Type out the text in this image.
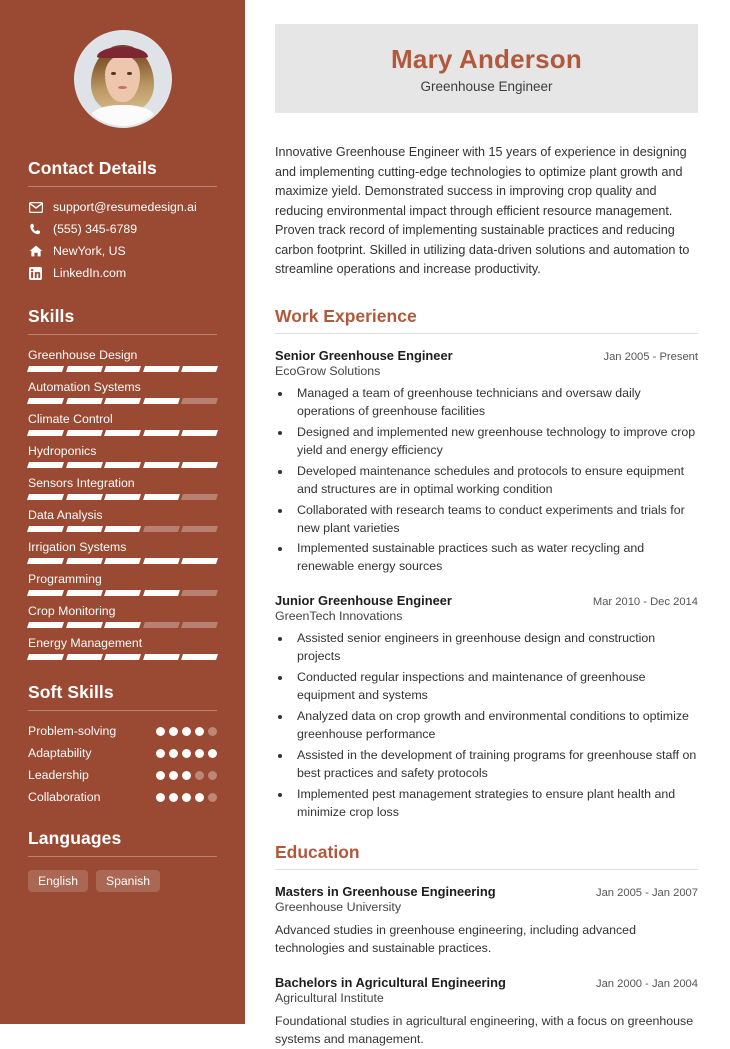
Contact Details
support@resumedesign.ai
(555) 345-6789
NewYork, US
LinkedIn.com
Skills
Greenhouse Design
Automation Systems
Climate Control
Hydroponics
Sensors Integration
Data Analysis
Irrigation Systems
Programming
Crop Monitoring
Energy Management
Soft Skills
Problem-solving
Adaptability
Leadership
Collaboration
Languages
English	Spanish
Mary Anderson
Greenhouse Engineer

Innovative Greenhouse Engineer with 15 years of experience in designing and implementing cutting-edge technologies to optimize plant growth and maximize yield. Demonstrated success in improving crop quality and reducing environmental impact through efficient resource management. Proven track record of implementing sustainable practices and reducing carbon footprint. Skilled in utilizing data-driven solutions and automation to streamline operations and increase productivity.

Work Experience
Senior Greenhouse Engineer	Jan 2005 - Present
EcoGrow Solutions
• Managed a team of greenhouse technicians and oversaw daily operations of greenhouse facilities
• Designed and implemented new greenhouse technology to improve crop yield and energy efficiency
• Developed maintenance schedules and protocols to ensure equipment and structures are in optimal working condition
• Collaborated with research teams to conduct experiments and trials for new plant varieties
• Implemented sustainable practices such as water recycling and renewable energy sources
Junior Greenhouse Engineer	Mar 2010 - Dec 2014
GreenTech Innovations
• Assisted senior engineers in greenhouse design and construction projects
• Conducted regular inspections and maintenance of greenhouse equipment and systems
• Analyzed data on crop growth and environmental conditions to optimize greenhouse performance
• Assisted in the development of training programs for greenhouse staff on best practices and safety protocols
• Implemented pest management strategies to ensure plant health and minimize crop loss
Education
Masters in Greenhouse Engineering	Jan 2005 - Jan 2007
Greenhouse University
Advanced studies in greenhouse engineering, including advanced technologies and sustainable practices.
Bachelors in Agricultural Engineering	Jan 2000 - Jan 2004
Agricultural Institute
Foundational studies in agricultural engineering, with a focus on greenhouse systems and management.
